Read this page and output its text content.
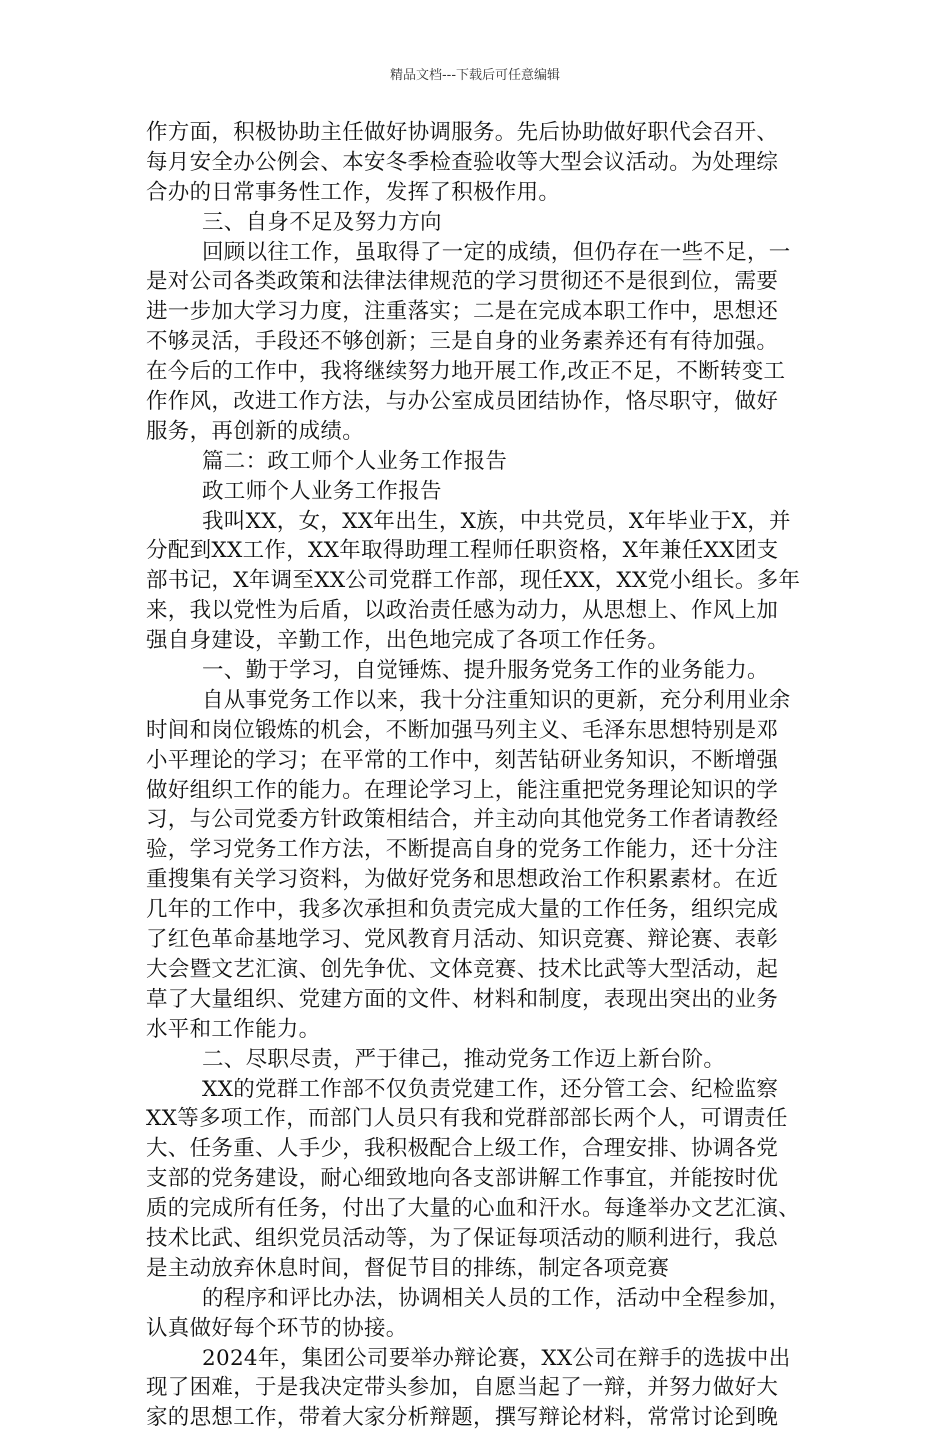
精品文档---下载后可任意编辑
作方面，积极协助主任做好协调服务。先后协助做好职代会召开、
每月安全办公例会、本安冬季检查验收等大型会议活动。为处理综
合办的日常事务性工作，发挥了积极作用。
三、自身不足及努力方向
回顾以往工作，虽取得了一定的成绩，但仍存在一些不足，一
是对公司各类政策和法律法律规范的学习贯彻还不是很到位，需要
进一步加大学习力度，注重落实；二是在完成本职工作中，思想还
不够灵活，手段还不够创新；三是自身的业务素养还有有待加强。
在今后的工作中，我将继续努力地开展工作,改正不足，不断转变工
作作风，改进工作方法，与办公室成员团结协作，恪尽职守，做好
服务，再创新的成绩。
篇二：政工师个人业务工作报告
政工师个人业务工作报告
我叫XX，女，XX年出生，X族，中共党员，X年毕业于X，并
分配到XX工作，XX年取得助理工程师任职资格，X年兼任XX团支
部书记，X年调至XX公司党群工作部，现任XX，XX党小组长。多年
来，我以党性为后盾，以政治责任感为动力，从思想上、作风上加
强自身建设，辛勤工作，出色地完成了各项工作任务。
一、勤于学习，自觉锤炼、提升服务党务工作的业务能力。
自从事党务工作以来，我十分注重知识的更新，充分利用业余
时间和岗位锻炼的机会，不断加强马列主义、毛泽东思想特别是邓
小平理论的学习；在平常的工作中，刻苦钻研业务知识，不断增强
做好组织工作的能力。在理论学习上，能注重把党务理论知识的学
习，与公司党委方针政策相结合，并主动向其他党务工作者请教经
验，学习党务工作方法，不断提高自身的党务工作能力，还十分注
重搜集有关学习资料，为做好党务和思想政治工作积累素材。在近
几年的工作中，我多次承担和负责完成大量的工作任务，组织完成
了红色革命基地学习、党风教育月活动、知识竞赛、辩论赛、表彰
大会暨文艺汇演、创先争优、文体竞赛、技术比武等大型活动，起
草了大量组织、党建方面的文件、材料和制度，表现出突出的业务
水平和工作能力。
二、尽职尽责，严于律己，推动党务工作迈上新台阶。
XX的党群工作部不仅负责党建工作，还分管工会、纪检监察
XX等多项工作，而部门人员只有我和党群部部长两个人，可谓责任
大、任务重、人手少，我积极配合上级工作，合理安排、协调各党
支部的党务建设，耐心细致地向各支部讲解工作事宜，并能按时优
质的完成所有任务，付出了大量的心血和汗水。每逢举办文艺汇演、
技术比武、组织党员活动等，为了保证每项活动的顺利进行，我总
是主动放弃休息时间，督促节目的排练，制定各项竞赛
的程序和评比办法，协调相关人员的工作，活动中全程参加，
认真做好每个环节的协接。
2024年，集团公司要举办辩论赛，XX公司在辩手的选拔中出
现了困难，于是我决定带头参加，自愿当起了一辩，并努力做好大
家的思想工作，带着大家分析辩题，撰写辩论材料，常常讨论到晚
